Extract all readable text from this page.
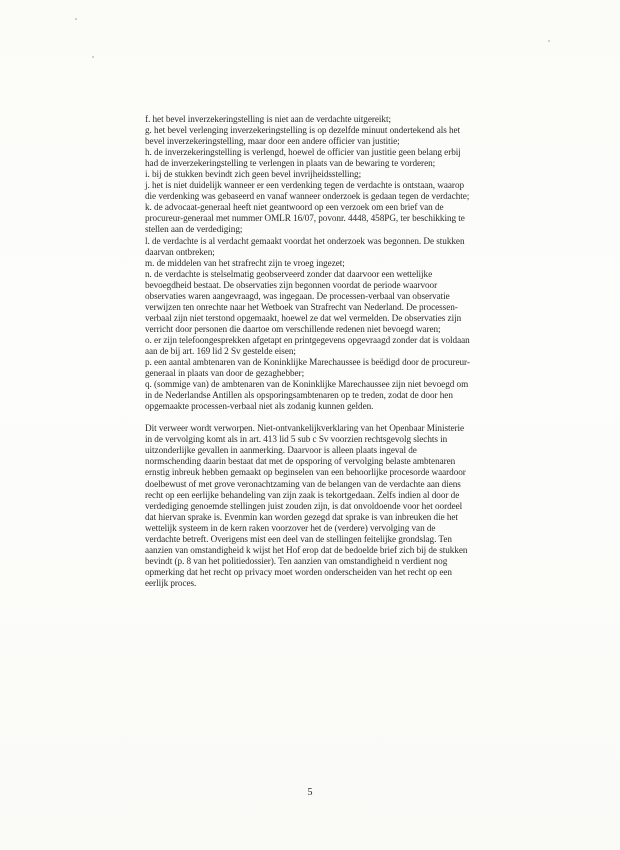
f. het bevel inverzekeringstelling is niet aan de verdachte uitgereikt;
g. het bevel verlenging inverzekeringstelling is op dezelfde minuut ondertekend als het
bevel inverzekeringstelling, maar door een andere officier van justitie;
h. de inverzekeringstelling is verlengd, hoewel de officier van justitie geen belang erbij
had de inverzekeringstelling te verlengen in plaats van de bewaring te vorderen;
i. bij de stukken bevindt zich geen bevel invrijheidsstelling;
j. het is niet duidelijk wanneer er een verdenking tegen de verdachte is ontstaan, waarop
die verdenking was gebaseerd en vanaf wanneer onderzoek is gedaan tegen de verdachte;
k. de advocaat-generaal heeft niet geantwoord op een verzoek om een brief van de
procureur-generaal met nummer OMLR 16/07, povonr. 4448, 458PG, ter beschikking te
stellen aan de verdediging;
l. de verdachte is al verdacht gemaakt voordat het onderzoek was begonnen. De stukken
daarvan ontbreken;
m. de middelen van het strafrecht zijn te vroeg ingezet;
n. de verdachte is stelselmatig geobserveerd zonder dat daarvoor een wettelijke
bevoegdheid bestaat. De observaties zijn begonnen voordat de periode waarvoor
observaties waren aangevraagd, was ingegaan. De processen-verbaal van observatie
verwijzen ten onrechte naar het Wetboek van Strafrecht van Nederland. De processen-
verbaal zijn niet terstond opgemaakt, hoewel ze dat wel vermelden. De observaties zijn
verricht door personen die daartoe om verschillende redenen niet bevoegd waren;
o. er zijn telefoongesprekken afgetapt en printgegevens opgevraagd zonder dat is voldaan
aan de bij art. 169 lid 2 Sv gestelde eisen;
p. een aantal ambtenaren van de Koninklijke Marechaussee is beëdigd door de procureur-
generaal in plaats van door de gezaghebber;
q. (sommige van) de ambtenaren van de Koninklijke Marechaussee zijn niet bevoegd om
in de Nederlandse Antillen als opsporingsambtenaren op te treden, zodat de door hen
opgemaakte processen-verbaal niet als zodanig kunnen gelden.
Dit verweer wordt verworpen. Niet-ontvankelijkverklaring van het Openbaar Ministerie
in de vervolging komt als in art. 413 lid 5 sub c Sv voorzien rechtsgevolg slechts in
uitzonderlijke gevallen in aanmerking. Daarvoor is alleen plaats ingeval de
normschending daarin bestaat dat met de opsporing of vervolging belaste ambtenaren
ernstig inbreuk hebben gemaakt op beginselen van een behoorlijke procesorde waardoor
doelbewust of met grove veronachtzaming van de belangen van de verdachte aan diens
recht op een eerlijke behandeling van zijn zaak is tekortgedaan. Zelfs indien al door de
verdediging genoemde stellingen juist zouden zijn, is dat onvoldoende voor het oordeel
dat hiervan sprake is. Evenmin kan worden gezegd dat sprake is van inbreuken die het
wettelijk systeem in de kern raken voorzover het de (verdere) vervolging van de
verdachte betreft. Overigens mist een deel van de stellingen feitelijke grondslag. Ten
aanzien van omstandigheid k wijst het Hof erop dat de bedoelde brief zich bij de stukken
bevindt (p. 8 van het politiedossier). Ten aanzien van omstandigheid n verdient nog
opmerking dat het recht op privacy moet worden onderscheiden van het recht op een
eerlijk proces.
5
